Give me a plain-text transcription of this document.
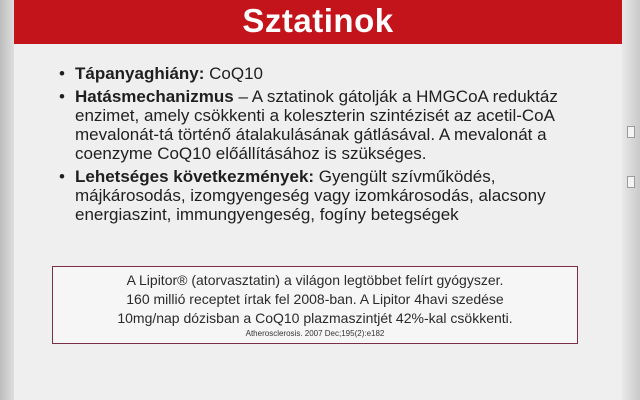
Sztatinok
• Tápanyaghiány: CoQ10
• Hatásmechanizmus – A sztatinok gátolják a HMGCoA reduktáz enzimet, amely csökkenti a koleszterin szintézisét az acetil-CoA mevalonát-tá történő átalakulásának gátlásával. A mevalonát a coenzyme CoQ10 előállításához is szükséges.
• Lehetséges következmények: Gyengült szívműködés, májkárosodás, izomgyengeség vagy izomkárosodás, alacsony energiaszint, immungyengeség, fogíny betegségek
A Lipitor® (atorvasztatin) a világon legtöbbet felírt gyógyszer.
160 millió receptet írtak fel 2008-ban. A Lipitor 4havi szedése
10mg/nap dózisban a CoQ10 plazmaszintjét 42%-kal csökkenti.
Atherosclerosis. 2007 Dec;195(2):e182
